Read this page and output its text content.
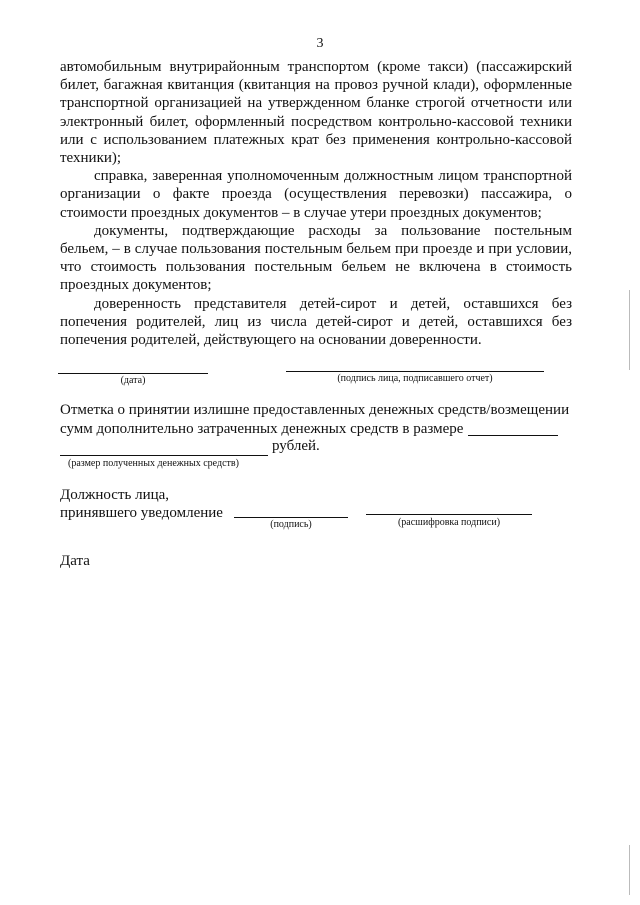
3

автомобильным внутрирайонным транспортом (кроме такси) (пассажирский билет, багажная квитанция (квитанция на провоз ручной клади), оформленные транспортной организацией на утвержденном бланке строгой отчетности или электронный билет, оформленный посредством контрольно-кассовой техники или с использованием платежных крат без применения контрольно-кассовой техники);

справка, заверенная уполномоченным должностным лицом транспортной организации о факте проезда (осуществления перевозки) пассажира, о стоимости проездных документов – в случае утери проездных документов;

документы, подтверждающие расходы за пользование постельным бельем, – в случае пользования постельным бельем при проезде и при условии, что стоимость пользования постельным бельем не включена в стоимость проездных документов;

доверенность представителя детей-сирот и детей, оставшихся без попечения родителей, лиц из числа детей-сирот и детей, оставшихся без попечения родителей, действующего на основании доверенности.

(дата)	(подпись лица, подписавшего отчет)
Отметка о принятии излишне предоставленных денежных средств/возмещении
сумм дополнительно затраченных денежных средств в размере
рублей.
(размер полученных денежных средств)
Должность лица,
принявшего уведомление
(подпись)	(расшифровка подписи)
Дата
